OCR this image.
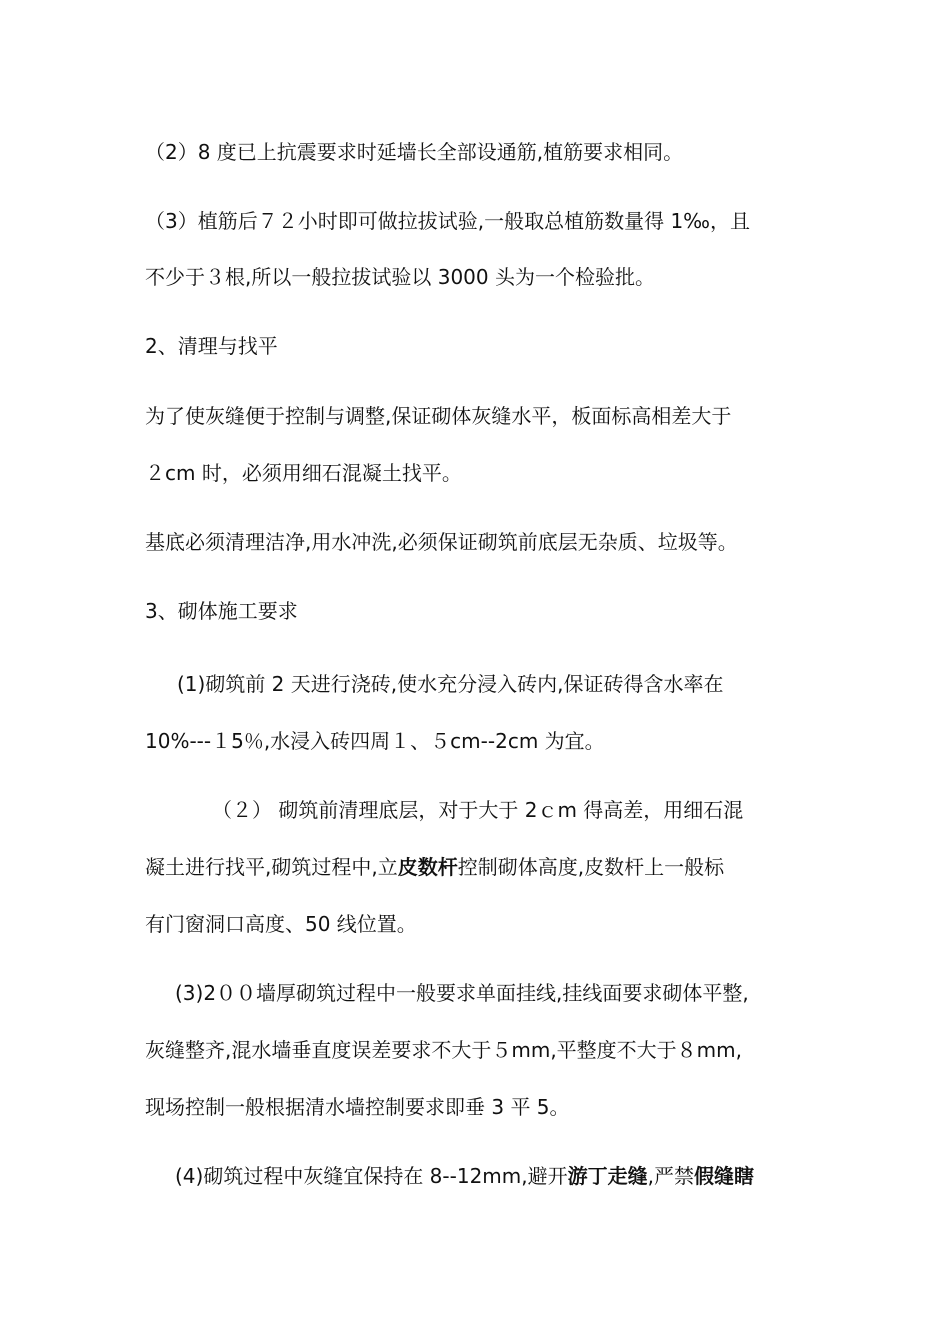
（2）8 度已上抗震要求时延墙长全部设通筋,植筋要求相同。

（3）植筋后７２小时即可做拉拔试验,一般取总植筋数量得 1‰，且

不少于３根,所以一般拉拔试验以 3000 头为一个检验批。

2、清理与找平

为了使灰缝便于控制与调整,保证砌体灰缝水平，板面标高相差大于

２cm 时，必须用细石混凝土找平。

基底必须清理洁净,用水冲洗,必须保证砌筑前底层无杂质、垃圾等。

3、砌体施工要求

(1)砌筑前 2 天进行浇砖,使水充分浸入砖内,保证砖得含水率在

10%---１5％,水浸入砖四周１、５cm--2cm 为宜。

（２） 砌筑前清理底层，对于大于 2ｃm 得高差，用细石混

凝土进行找平,砌筑过程中,立皮数杆控制砌体高度,皮数杆上一般标

有门窗洞口高度、50 线位置。

(3)2００墙厚砌筑过程中一般要求单面挂线,挂线面要求砌体平整,

灰缝整齐,混水墙垂直度误差要求不大于５mm,平整度不大于８mm,

现场控制一般根据清水墙控制要求即垂 3 平 5。

(4)砌筑过程中灰缝宜保持在 8--12mm,避开游丁走缝,严禁假缝瞎
